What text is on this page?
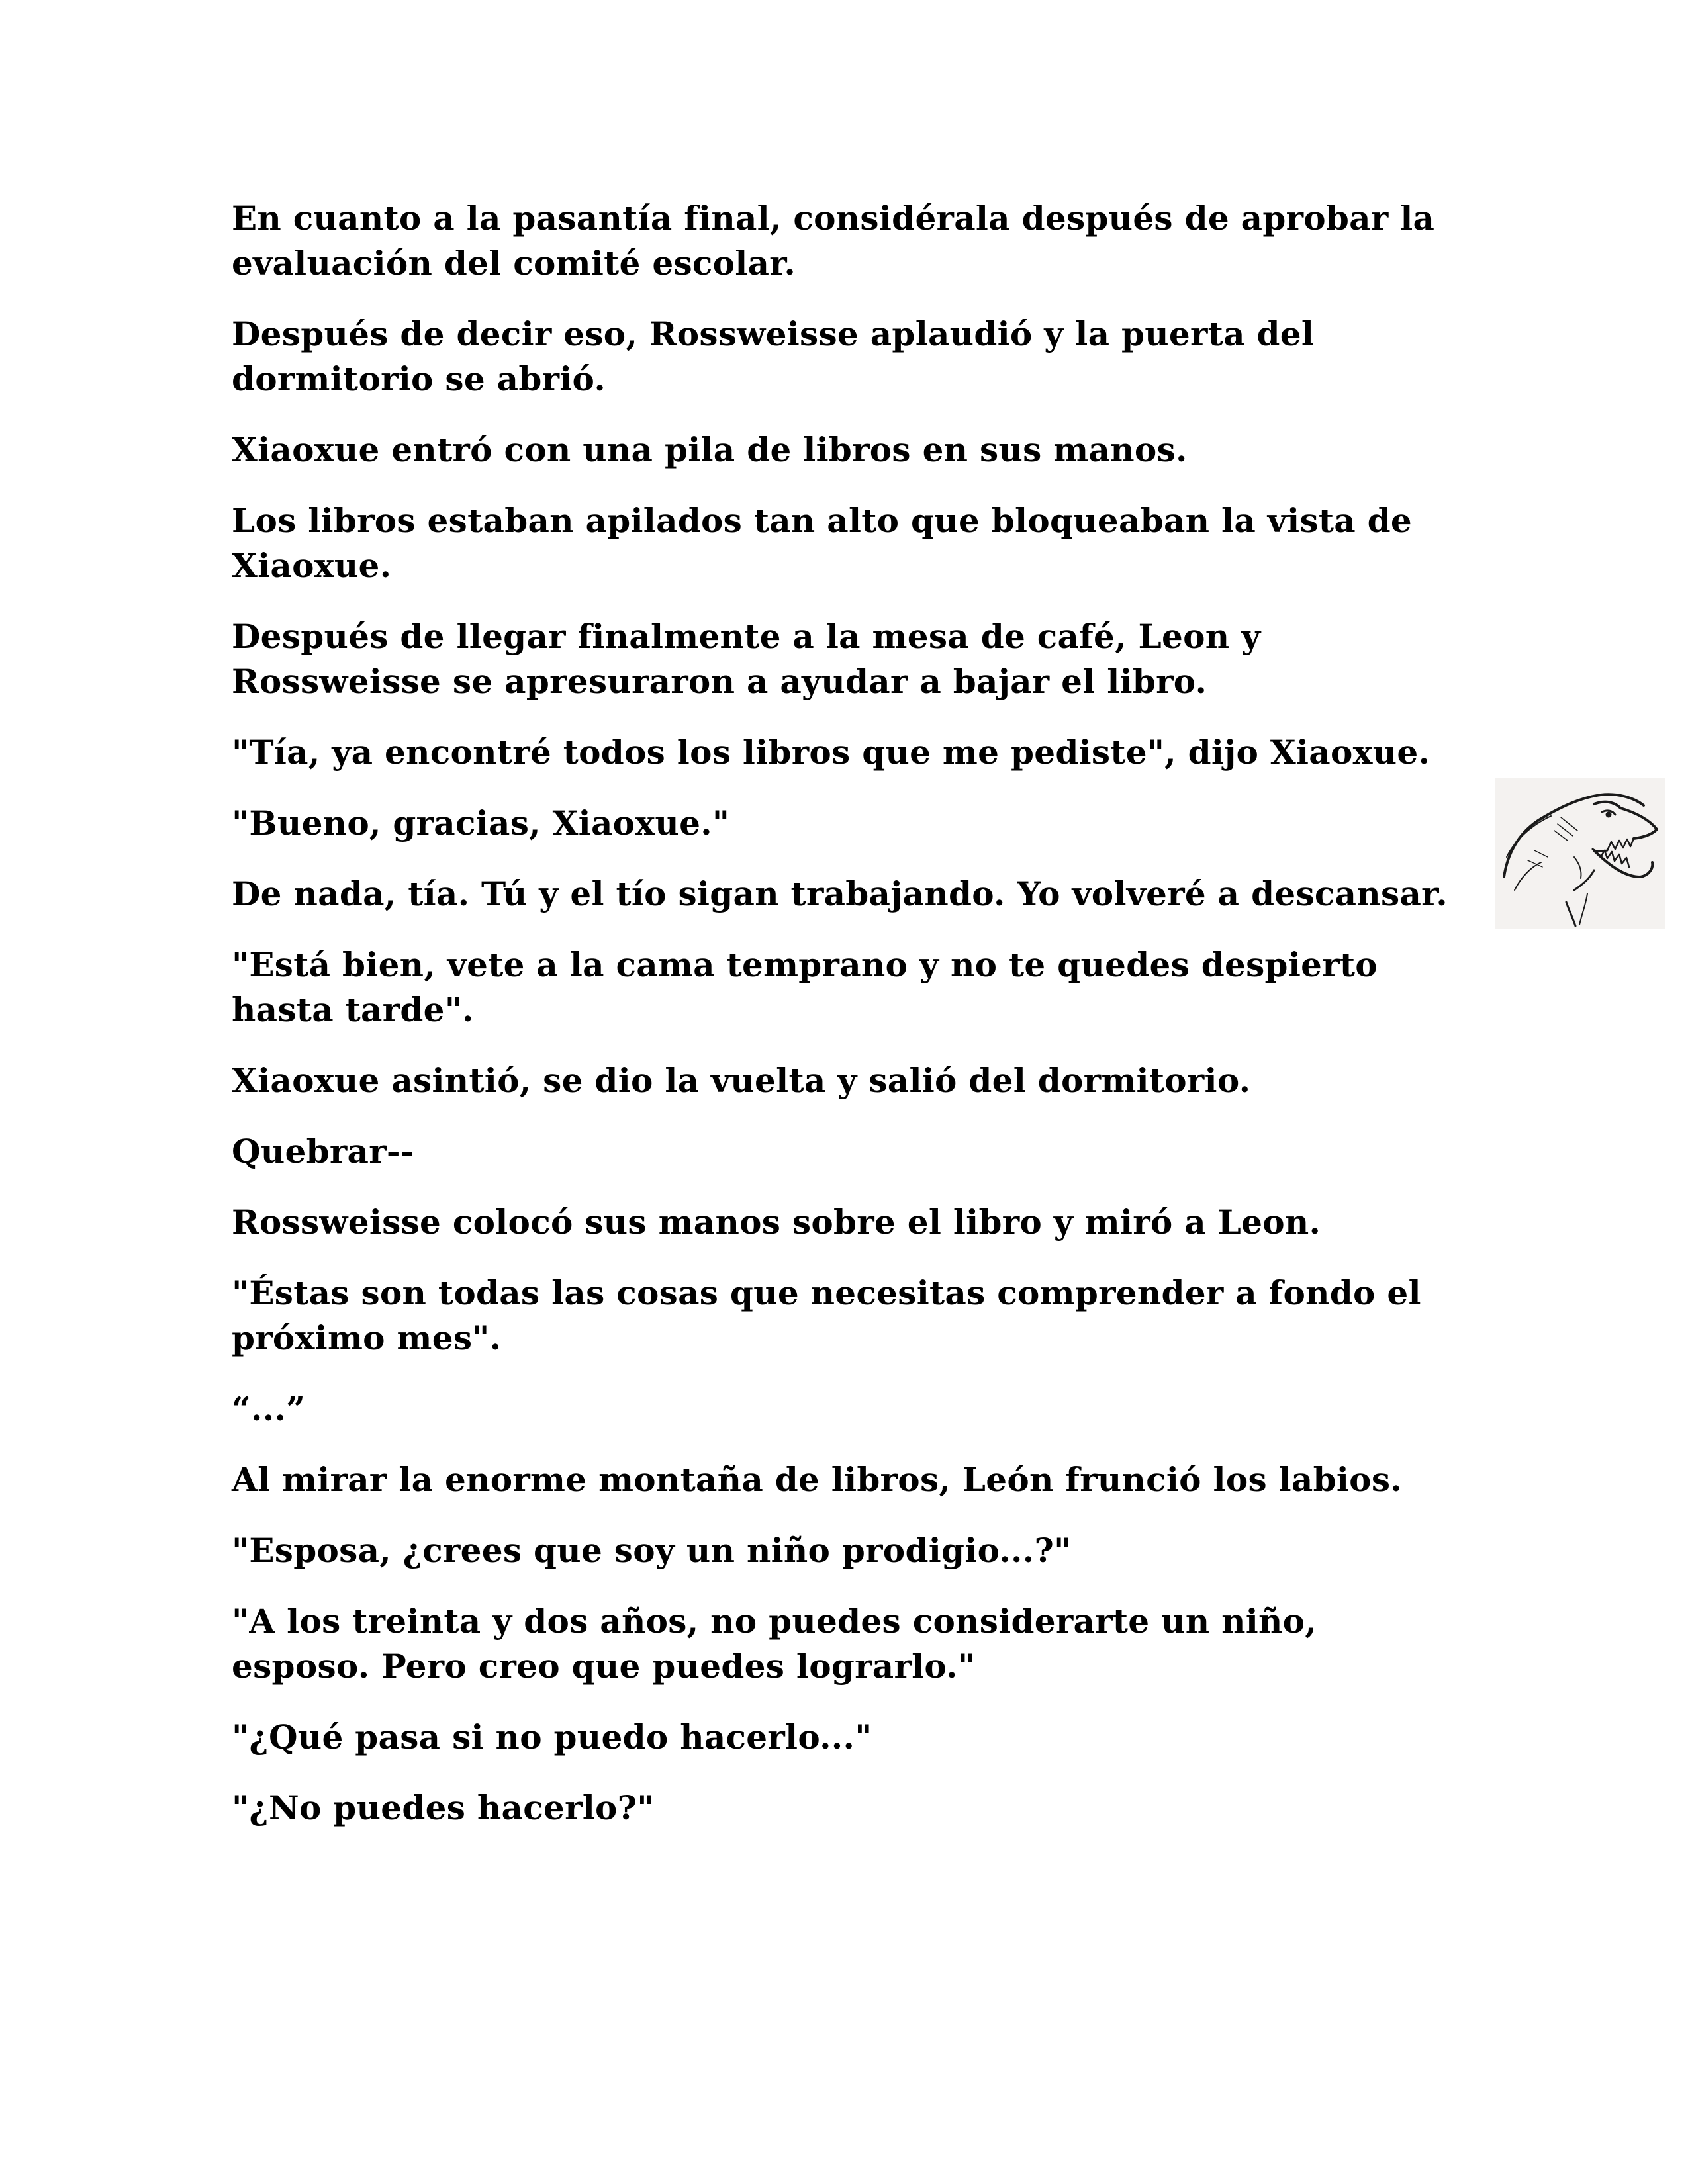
En cuanto a la pasantía final, considérala después de aprobar la evaluación del comité escolar.

Después de decir eso, Rossweisse aplaudió y la puerta del dormitorio se abrió.

Xiaoxue entró con una pila de libros en sus manos.

Los libros estaban apilados tan alto que bloqueaban la vista de Xiaoxue.

Después de llegar finalmente a la mesa de café, Leon y Rossweisse se apresuraron a ayudar a bajar el libro.

"Tía, ya encontré todos los libros que me pediste", dijo Xiaoxue.

"Bueno, gracias, Xiaoxue."

De nada, tía. Tú y el tío sigan trabajando. Yo volveré a descansar.

"Está bien, vete a la cama temprano y no te quedes despierto hasta tarde".

Xiaoxue asintió, se dio la vuelta y salió del dormitorio.

Quebrar--

Rossweisse colocó sus manos sobre el libro y miró a Leon.

"Éstas son todas las cosas que necesitas comprender a fondo el próximo mes".

“...”

Al mirar la enorme montaña de libros, León frunció los labios.

"Esposa, ¿crees que soy un niño prodigio...?"

"A los treinta y dos años, no puedes considerarte un niño, esposo. Pero creo que puedes lograrlo."

"¿Qué pasa si no puedo hacerlo..."

"¿No puedes hacerlo?"
